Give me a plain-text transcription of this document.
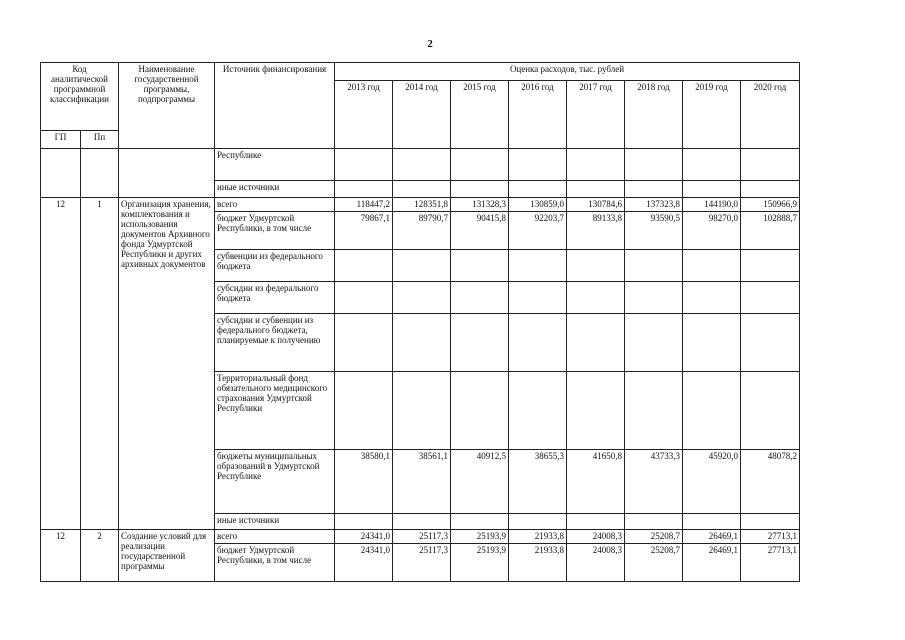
2
Код аналитической программной классификации		Наименование государственной программы, подпрограммы	Источник финансирования	Оценка расходов, тыс. рублей							
				2013 год	2014 год	2015 год	2016 год	2017 год	2018 год	2019 год	2020 год
ГП	Пп										
			Республике								
			иные источники								
12	1	Организация хранения, комплектования и использования документов Архивного фонда Удмуртской Республики и других архивных документов	всего	118447,2	128351,8	131328,3	130859,0	130784,6	137323,8	144190,0	150966,9
			бюджет Удмуртской Республики, в том числе	79867,1	89790,7	90415,8	92203,7	89133,8	93590,5	98270,0	102888,7
			субвенции из федерального бюджета								
			субсидии из федерального бюджета								
			субсидии и субвенции из федерального бюджета, планируемые к получению								
			Территориальный фонд обязательного медицинского страхования Удмуртской Республики								
			бюджеты муниципальных образований в Удмуртской Республике	38580,1	38561,1	40912,5	38655,3	41650,8	43733,3	45920,0	48078,2
			иные источники								
12	2	Создание условий для реализации государственной программы	всего	24341,0	25117,3	25193,9	21933,8	24008,3	25208,7	26469,1	27713,1
			бюджет Удмуртской Республики, в том числе	24341,0	25117,3	25193,9	21933,8	24008,3	25208,7	26469,1	27713,1
